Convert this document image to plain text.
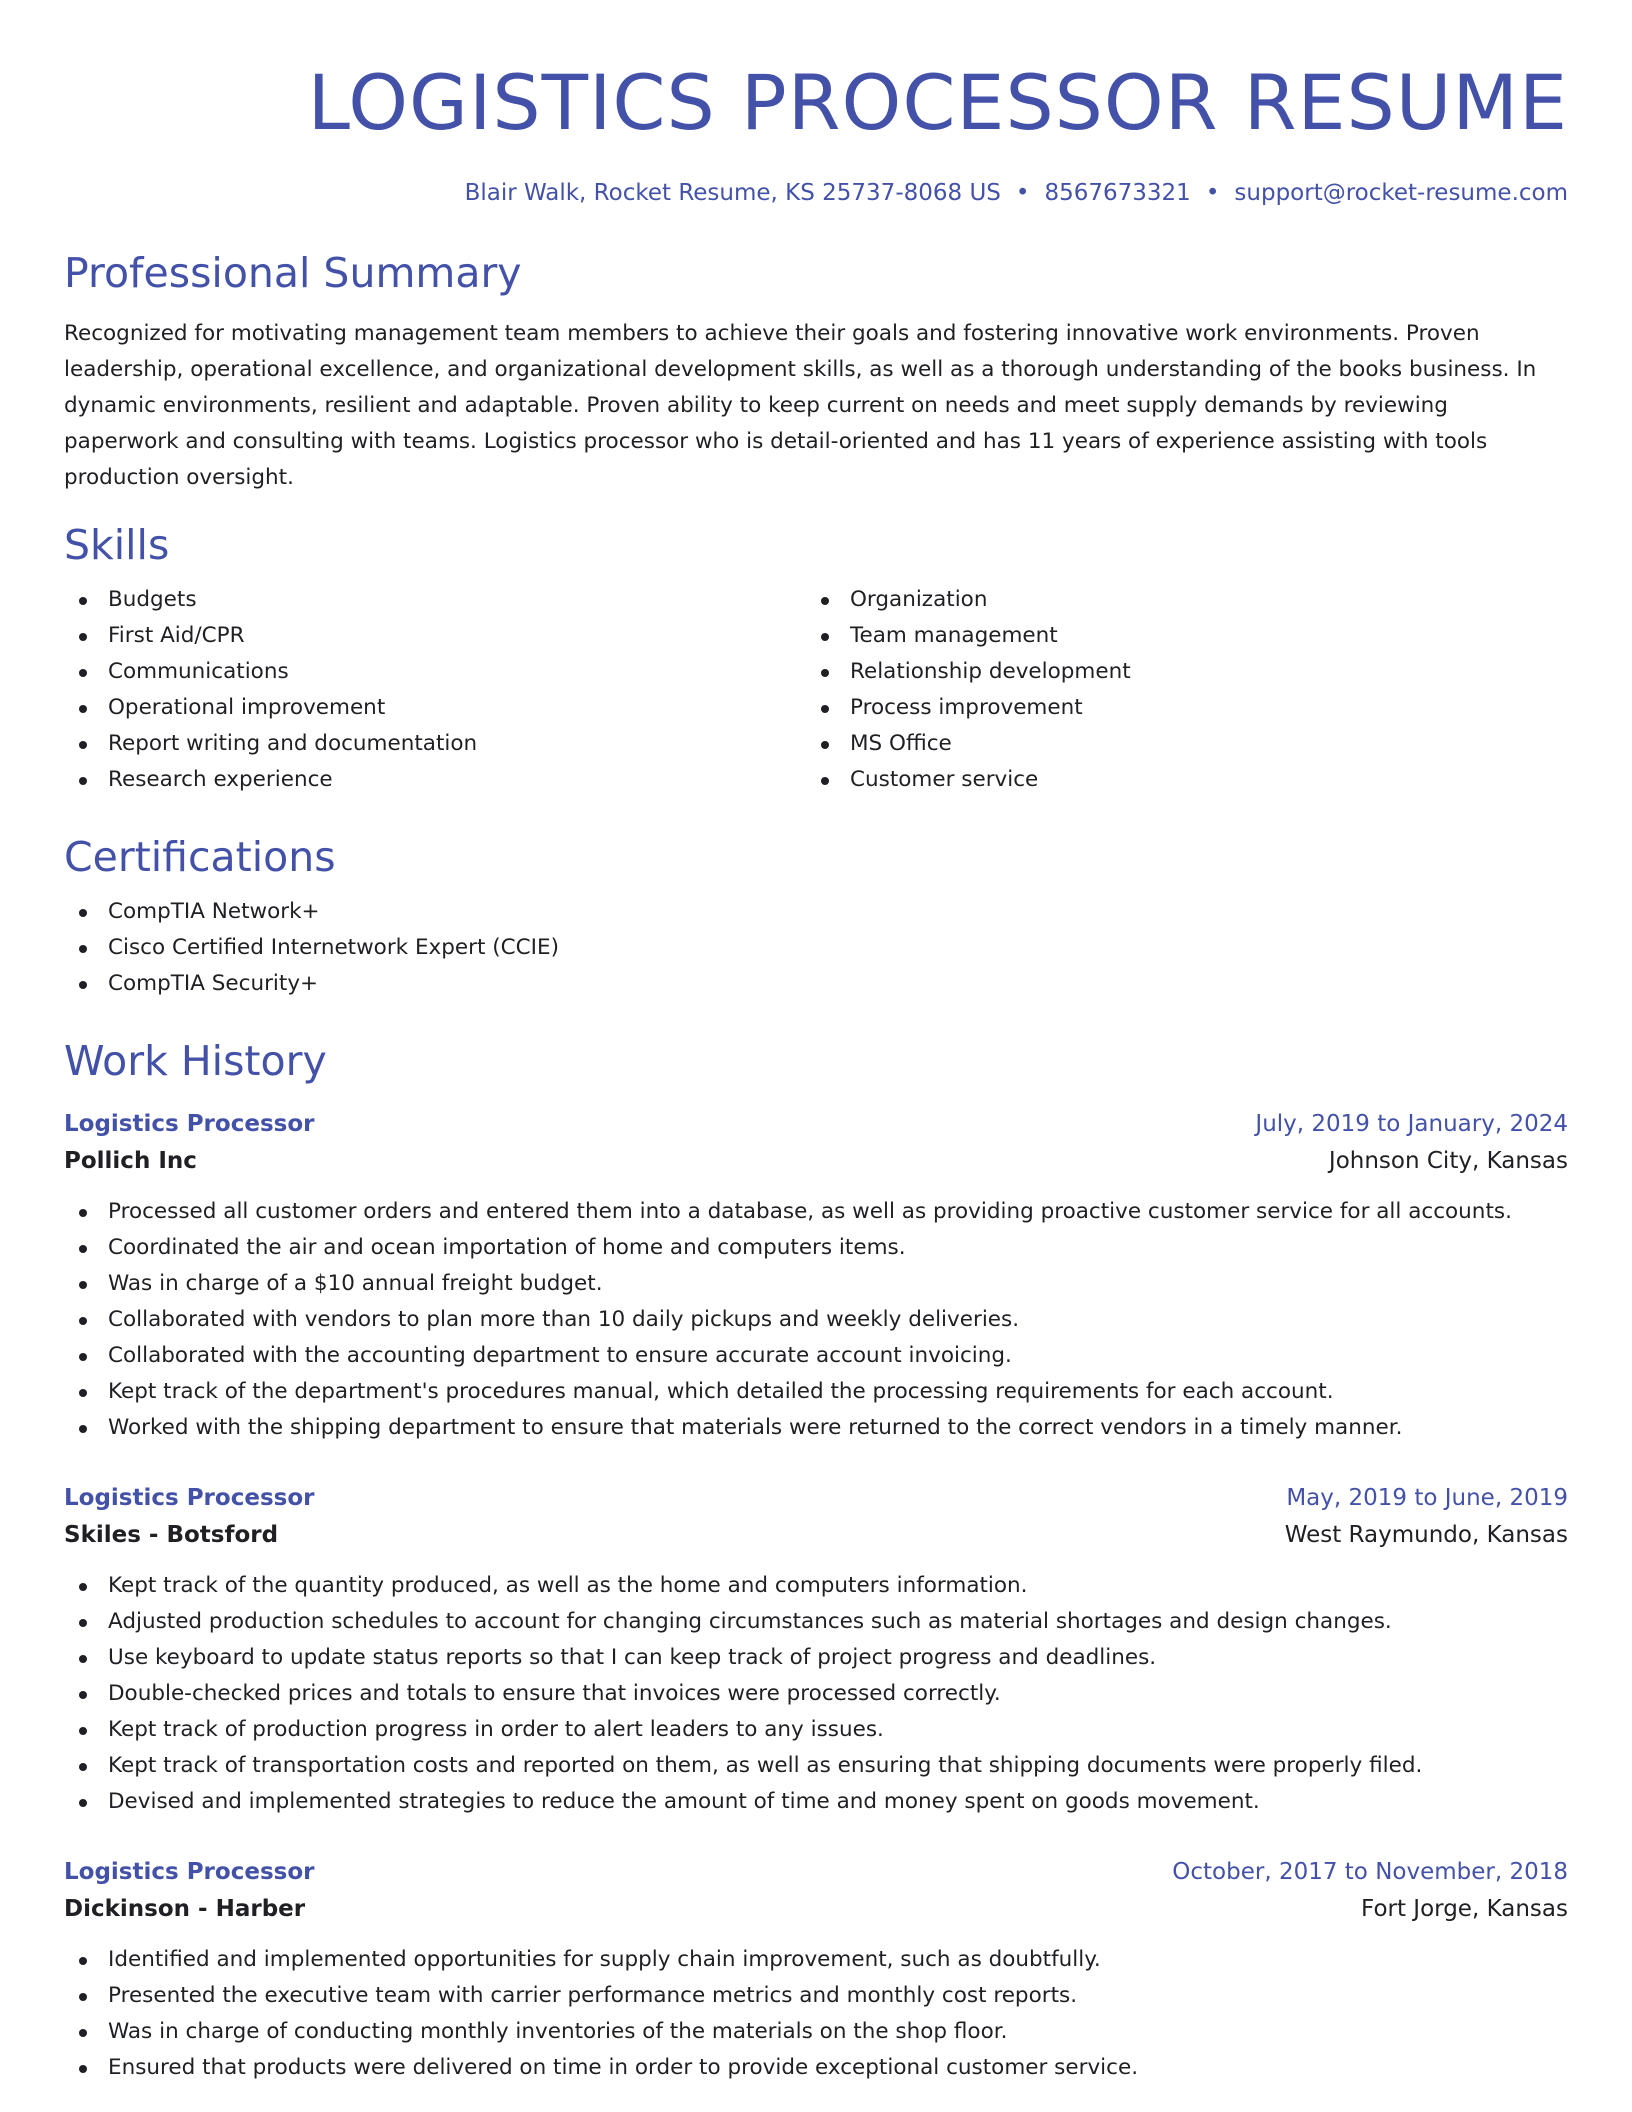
LOGISTICS PROCESSOR RESUME
Blair Walk, Rocket Resume, KS 25737-8068 US • 8567673321 • support@rocket-resume.com
Professional Summary

Recognized for motivating management team members to achieve their goals and fostering innovative work environments. Proven leadership, operational excellence, and organizational development skills, as well as a thorough understanding of the books business. In dynamic environments, resilient and adaptable. Proven ability to keep current on needs and meet supply demands by reviewing paperwork and consulting with teams. Logistics processor who is detail-oriented and has 11 years of experience assisting with tools production oversight.

Skills
Budgets
First Aid/CPR
Communications
Operational improvement
Report writing and documentation
Research experience
Organization
Team management
Relationship development
Process improvement
MS Office
Customer service
Certifications
CompTIA Network+
Cisco Certified Internetwork Expert (CCIE)
CompTIA Security+
Work History
Logistics Processor	July, 2019 to January, 2024
Pollich Inc	Johnson City, Kansas
Processed all customer orders and entered them into a database, as well as providing proactive customer service for all accounts.
Coordinated the air and ocean importation of home and computers items.
Was in charge of a $10 annual freight budget.
Collaborated with vendors to plan more than 10 daily pickups and weekly deliveries.
Collaborated with the accounting department to ensure accurate account invoicing.
Kept track of the department's procedures manual, which detailed the processing requirements for each account.
Worked with the shipping department to ensure that materials were returned to the correct vendors in a timely manner.
Logistics Processor	May, 2019 to June, 2019
Skiles - Botsford	West Raymundo, Kansas
Kept track of the quantity produced, as well as the home and computers information.
Adjusted production schedules to account for changing circumstances such as material shortages and design changes.
Use keyboard to update status reports so that I can keep track of project progress and deadlines.
Double-checked prices and totals to ensure that invoices were processed correctly.
Kept track of production progress in order to alert leaders to any issues.
Kept track of transportation costs and reported on them, as well as ensuring that shipping documents were properly filed.
Devised and implemented strategies to reduce the amount of time and money spent on goods movement.
Logistics Processor	October, 2017 to November, 2018
Dickinson - Harber	Fort Jorge, Kansas
Identified and implemented opportunities for supply chain improvement, such as doubtfully.
Presented the executive team with carrier performance metrics and monthly cost reports.
Was in charge of conducting monthly inventories of the materials on the shop floor.
Ensured that products were delivered on time in order to provide exceptional customer service.
